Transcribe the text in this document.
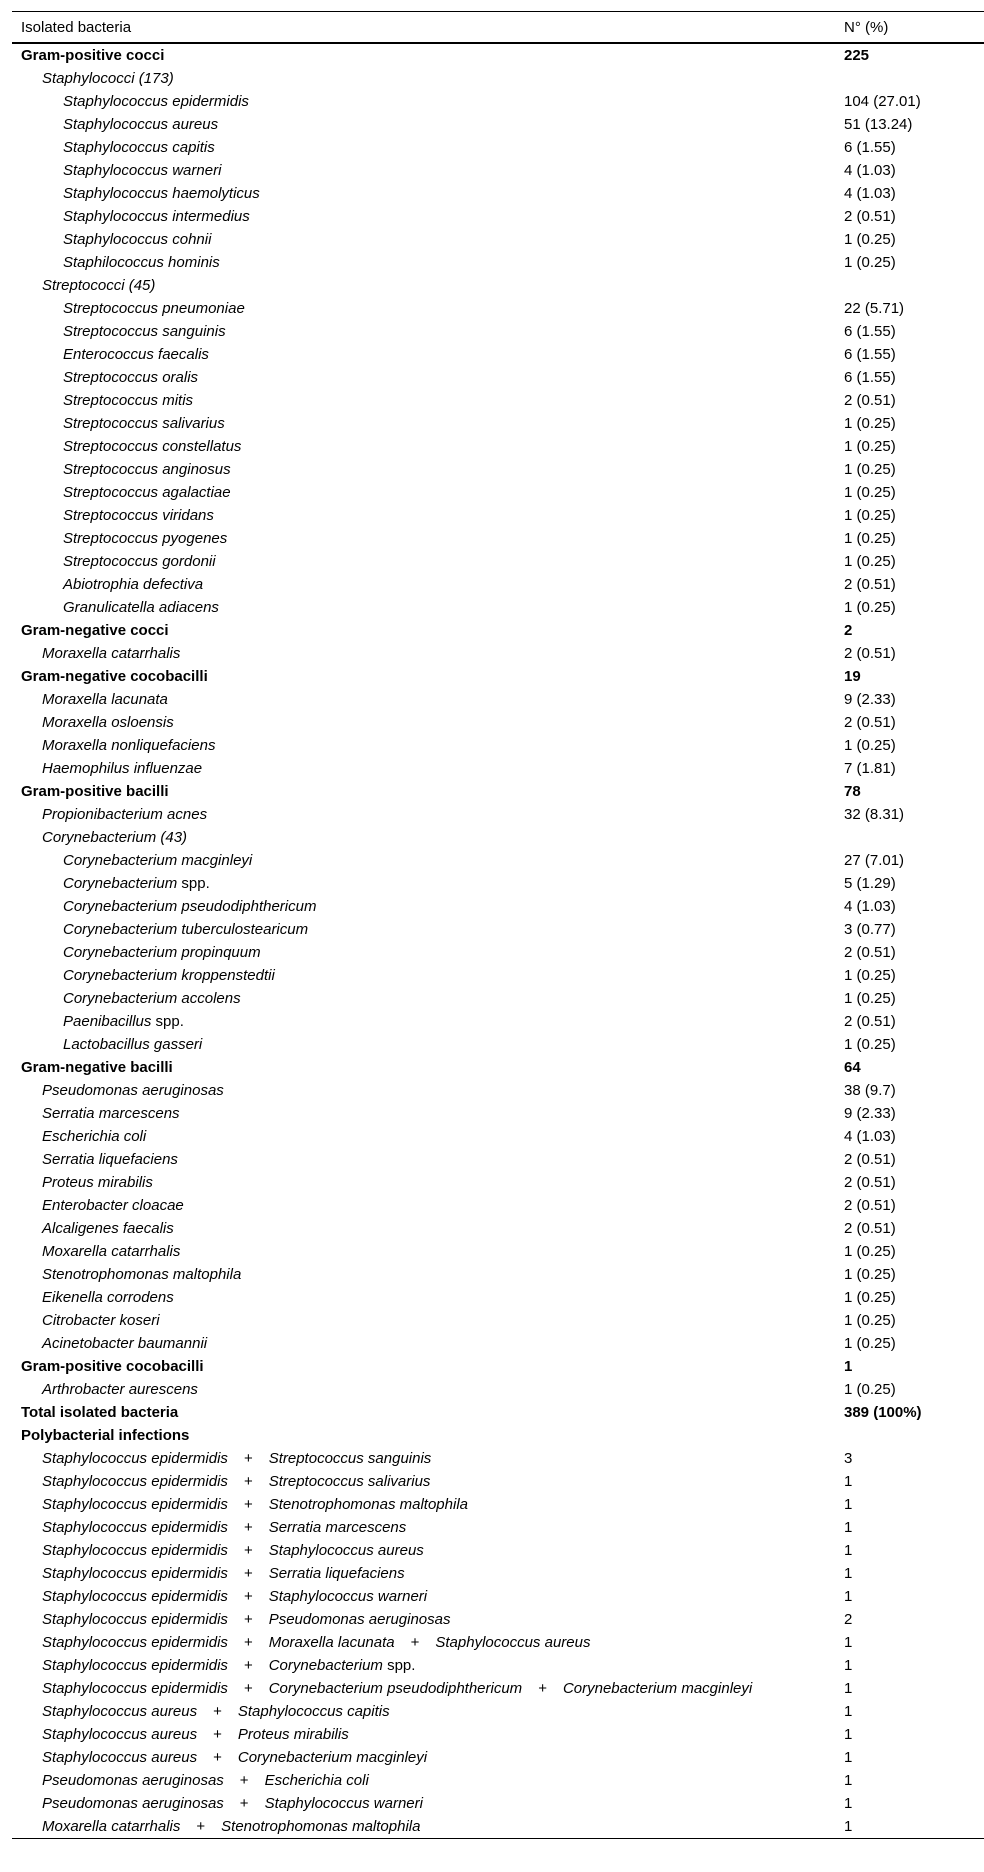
Isolated bacteria	N° (%)
Gram-positive cocci	225
Staphylococci (173)	
Staphylococcus epidermidis	104 (27.01)
Staphylococcus aureus	51 (13.24)
Staphylococcus capitis	6 (1.55)
Staphylococcus warneri	4 (1.03)
Staphylococcus haemolyticus	4 (1.03)
Staphylococcus intermedius	2 (0.51)
Staphylococcus cohnii	1 (0.25)
Staphilococcus hominis	1 (0.25)
Streptococci (45)	
Streptococcus pneumoniae	22 (5.71)
Streptococcus sanguinis	6 (1.55)
Enterococcus faecalis	6 (1.55)
Streptococcus oralis	6 (1.55)
Streptococcus mitis	2 (0.51)
Streptococcus salivarius	1 (0.25)
Streptococcus constellatus	1 (0.25)
Streptococcus anginosus	1 (0.25)
Streptococcus agalactiae	1 (0.25)
Streptococcus viridans	1 (0.25)
Streptococcus pyogenes	1 (0.25)
Streptococcus gordonii	1 (0.25)
Abiotrophia defectiva	2 (0.51)
Granulicatella adiacens	1 (0.25)
Gram-negative cocci	2
Moraxella catarrhalis	2 (0.51)
Gram-negative cocobacilli	19
Moraxella lacunata	9 (2.33)
Moraxella osloensis	2 (0.51)
Moraxella nonliquefaciens	1 (0.25)
Haemophilus influenzae	7 (1.81)
Gram-positive bacilli	78
Propionibacterium acnes	32 (8.31)
Corynebacterium (43)	
Corynebacterium macginleyi	27 (7.01)
Corynebacterium spp.	5 (1.29)
Corynebacterium pseudodiphthericum	4 (1.03)
Corynebacterium tuberculostearicum	3 (0.77)
Corynebacterium propinquum	2 (0.51)
Corynebacterium kroppenstedtii	1 (0.25)
Corynebacterium accolens	1 (0.25)
Paenibacillus spp.	2 (0.51)
Lactobacillus gasseri	1 (0.25)
Gram-negative bacilli	64
Pseudomonas aeruginosas	38 (9.7)
Serratia marcescens	9 (2.33)
Escherichia coli	4 (1.03)
Serratia liquefaciens	2 (0.51)
Proteus mirabilis	2 (0.51)
Enterobacter cloacae	2 (0.51)
Alcaligenes faecalis	2 (0.51)
Moxarella catarrhalis	1 (0.25)
Stenotrophomonas maltophila	1 (0.25)
Eikenella corrodens	1 (0.25)
Citrobacter koseri	1 (0.25)
Acinetobacter baumannii	1 (0.25)
Gram-positive cocobacilli	1
Arthrobacter aurescens	1 (0.25)
Total isolated bacteria	389 (100%)
Polybacterial infections	
Staphylococcus epidermidis + Streptococcus sanguinis	3
Staphylococcus epidermidis + Streptococcus salivarius	1
Staphylococcus epidermidis + Stenotrophomonas maltophila	1
Staphylococcus epidermidis + Serratia marcescens	1
Staphylococcus epidermidis + Staphylococcus aureus	1
Staphylococcus epidermidis + Serratia liquefaciens	1
Staphylococcus epidermidis + Staphylococcus warneri	1
Staphylococcus epidermidis + Pseudomonas aeruginosas	2
Staphylococcus epidermidis + Moraxella lacunata + Staphylococcus aureus	1
Staphylococcus epidermidis + Corynebacterium spp.	1
Staphylococcus epidermidis + Corynebacterium pseudodiphthericum + Corynebacterium macginleyi	1
Staphylococcus aureus + Staphylococcus capitis	1
Staphylococcus aureus + Proteus mirabilis	1
Staphylococcus aureus + Corynebacterium macginleyi	1
Pseudomonas aeruginosas + Escherichia coli	1
Pseudomonas aeruginosas + Staphylococcus warneri	1
Moxarella catarrhalis + Stenotrophomonas maltophila	1
